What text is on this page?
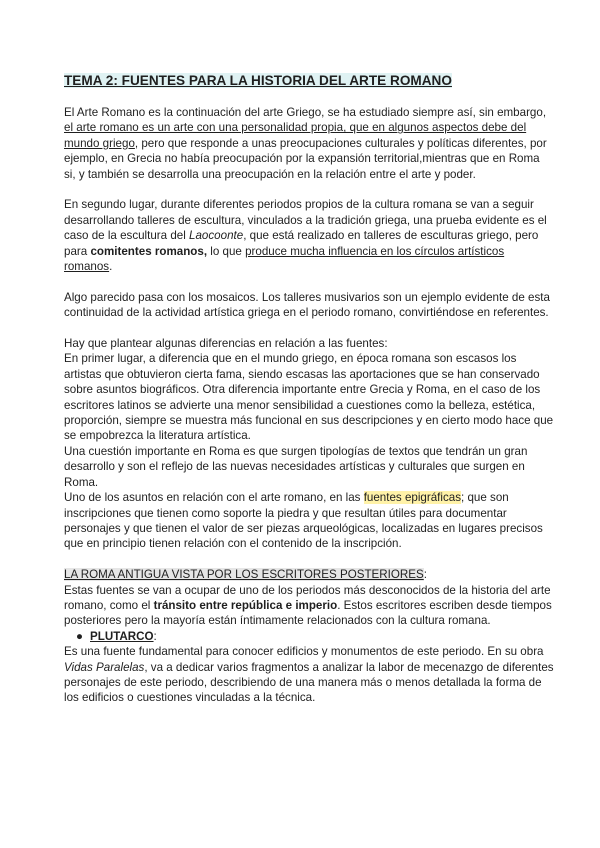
TEMA 2: FUENTES PARA LA HISTORIA DEL ARTE ROMANO

El Arte Romano es la continuación del arte Griego, se ha estudiado siempre así, sin embargo, el arte romano es un arte con una personalidad propia, que en algunos aspectos debe del mundo griego, pero que responde a unas preocupaciones culturales y políticas diferentes, por ejemplo, en Grecia no había preocupación por la expansión territorial,mientras que en Roma si, y también se desarrolla una preocupación en la relación entre el arte y poder.

En segundo lugar, durante diferentes periodos propios de la cultura romana se van a seguir desarrollando talleres de escultura, vinculados a la tradición griega, una prueba evidente es el caso de la escultura del Laocoonte, que está realizado en talleres de esculturas griego, pero para comitentes romanos, lo que produce mucha influencia en los círculos artísticos romanos.

Algo parecido pasa con los mosaicos. Los talleres musivarios son un ejemplo evidente de esta continuidad de la actividad artística griega en el periodo romano, convirtiéndose en referentes.

Hay que plantear algunas diferencias en relación a las fuentes:

En primer lugar, a diferencia que en el mundo griego, en época romana son escasos los artistas que obtuvieron cierta fama, siendo escasas las aportaciones que se han conservado sobre asuntos biográficos. Otra diferencia importante entre Grecia y Roma, en el caso de los escritores latinos se advierte una menor sensibilidad a cuestiones como la belleza, estética, proporción, siempre se muestra más funcional en sus descripciones y en cierto modo hace que se empobrezca la literatura artística.

Una cuestión importante en Roma es que surgen tipologías de textos que tendrán un gran desarrollo y son el reflejo de las nuevas necesidades artísticas y culturales que surgen en Roma.

Uno de los asuntos en relación con el arte romano, en las fuentes epigráficas; que son inscripciones que tienen como soporte la piedra y que resultan útiles para documentar personajes y que tienen el valor de ser piezas arqueológicas, localizadas en lugares precisos que en principio tienen relación con el contenido de la inscripción.

LA ROMA ANTIGUA VISTA POR LOS ESCRITORES POSTERIORES:

Estas fuentes se van a ocupar de uno de los periodos más desconocidos de la historia del arte romano, como el tránsito entre república e imperio. Estos escritores escriben desde tiempos posteriores pero la mayoría están íntimamente relacionados con la cultura romana.

● PLUTARCO:

Es una fuente fundamental para conocer edificios y monumentos de este periodo. En su obra Vidas Paralelas, va a dedicar varios fragmentos a analizar la labor de mecenazgo de diferentes personajes de este periodo, describiendo de una manera más o menos detallada la forma de los edificios o cuestiones vinculadas a la técnica.
